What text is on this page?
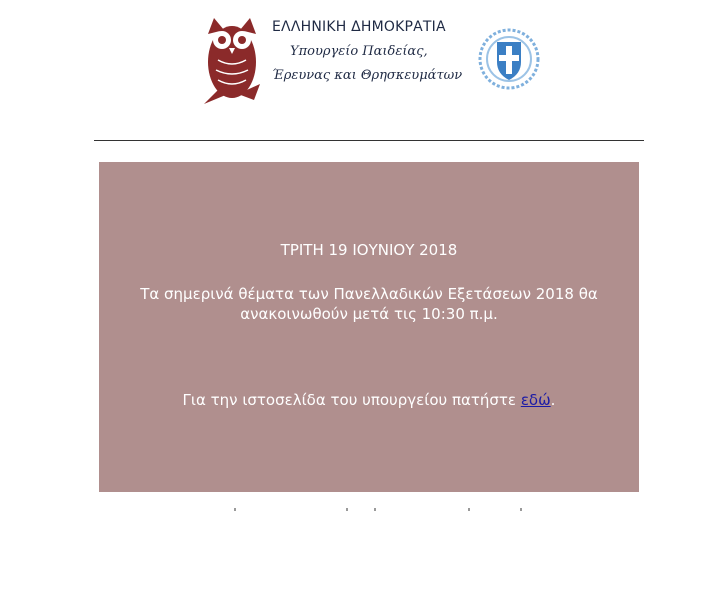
ΕΛΛΗΝΙΚΗ ΔΗΜΟΚΡΑΤΙΑ
Υπουργείο Παιδείας,
Έρευνας και Θρησκευμάτων
ΤΡΙΤΗ 19 ΙΟΥΝΙΟΥ 2018
Τα σημερινά θέματα των Πανελλαδικών Εξετάσεων 2018 θα ανακοινωθούν μετά τις 10:30 π.μ.
Για την ιστοσελίδα του υπουργείου πατήστε εδώ.
